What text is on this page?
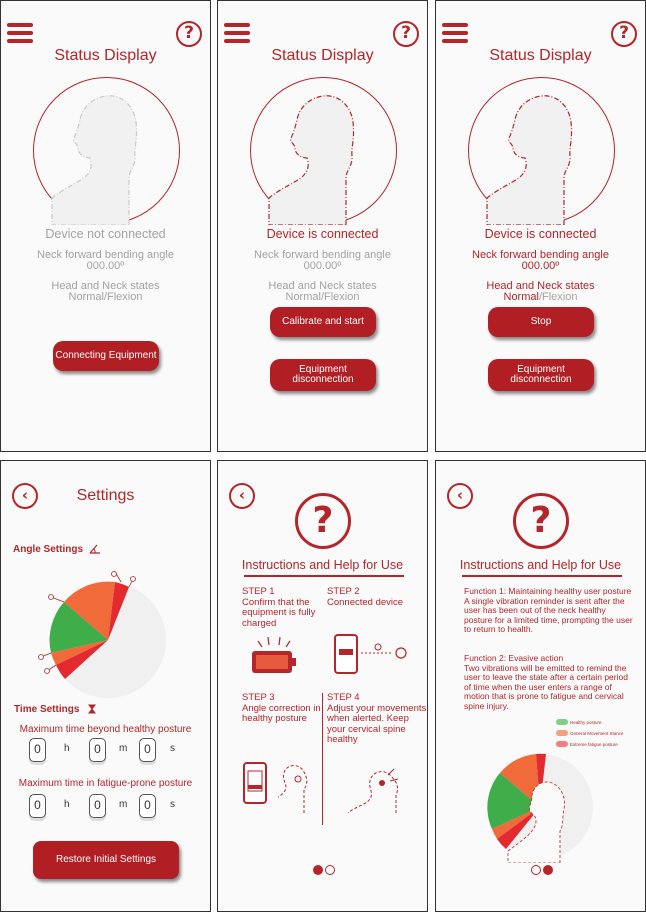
?
Status Display
Device not connected
Neck forward bending angle
000.00º
Head and Neck states
Normal/Flexion
Connecting Equipment
?
Status Display
Device is connected
Neck forward bending angle
000.00º
Head and Neck states
Normal/Flexion
Calibrate and start
Equipment disconnection
?
Status Display
Device is connected
Neck forward bending angle
000.00º
Head and Neck states
Normal/Flexion
Stop
Equipment disconnection
‹	Settings
Angle Settings
Time Settings
Maximum time beyond healthy posture
0	h	0	m	0	s
Maximum time in fatigue-prone posture
0	h	0	m	0	s
Restore Initial Settings
‹
?
Instructions and Help for Use
STEP 1
Confirm that the equipment is fully charged
STEP 2
Connected device
STEP 3
Angle correction in healthy posture
STEP 4
Adjust your movements when alerted. Keep your cervical spine healthy
‹
?
Instructions and Help for Use
Function 1: Maintaining healthy user posture
A single vibration reminder is sent after the user has been out of the neck healthy posture for a limited time, prompting the user to return to health.
Function 2: Evasive action
Two vibrations will be emitted to remind the user to leave the state after a certain period of time when the user enters a range of motion that is prone to fatigue and cervical spine injury.
Healthy posture
General Movement Stance
Extreme fatigue posture
